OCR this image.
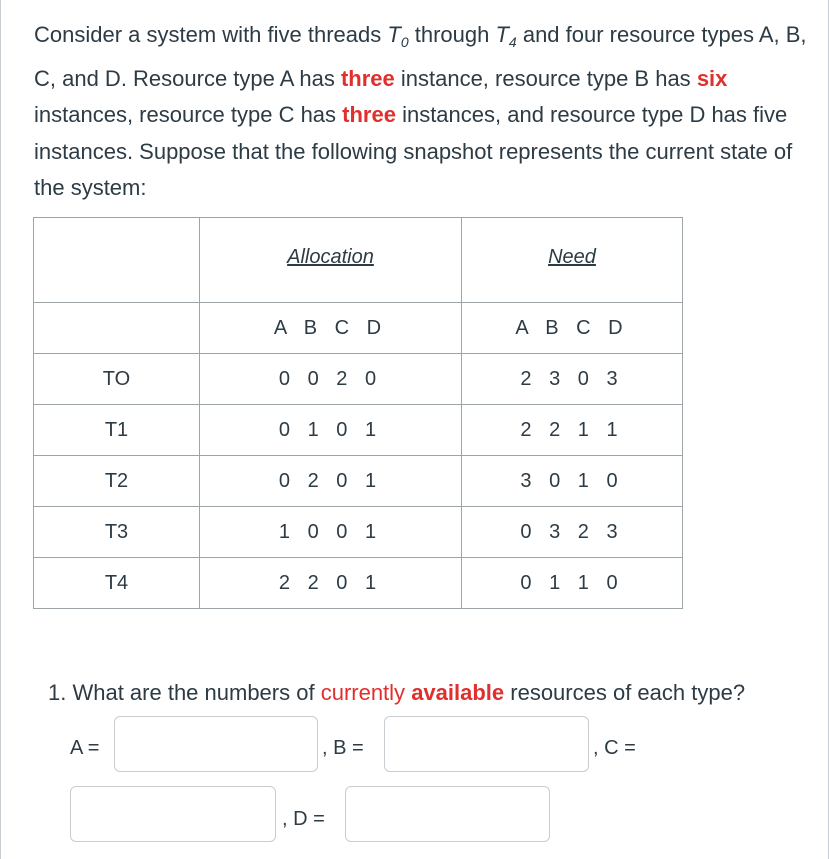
Consider a system with five threads $T_0$ through $T_4$ and four resource types A, B, C, and D. Resource type A has three instance, resource type B has six instances, resource type C has three instances, and resource type D has five instances. Suppose that the following snapshot represents the current state of the system:

	Allocation	Need
	A B C D	A B C D
TO	0 0 2 0	2 3 0 3
T1	0 1 0 1	2 2 1 1
T2	0 2 0 1	3 0 1 0
T3	1 0 0 1	0 3 2 3
T4	2 2 0 1	0 1 1 0

1. What are the numbers of currently available resources of each type?

A =	, B =	, C =
, D =
